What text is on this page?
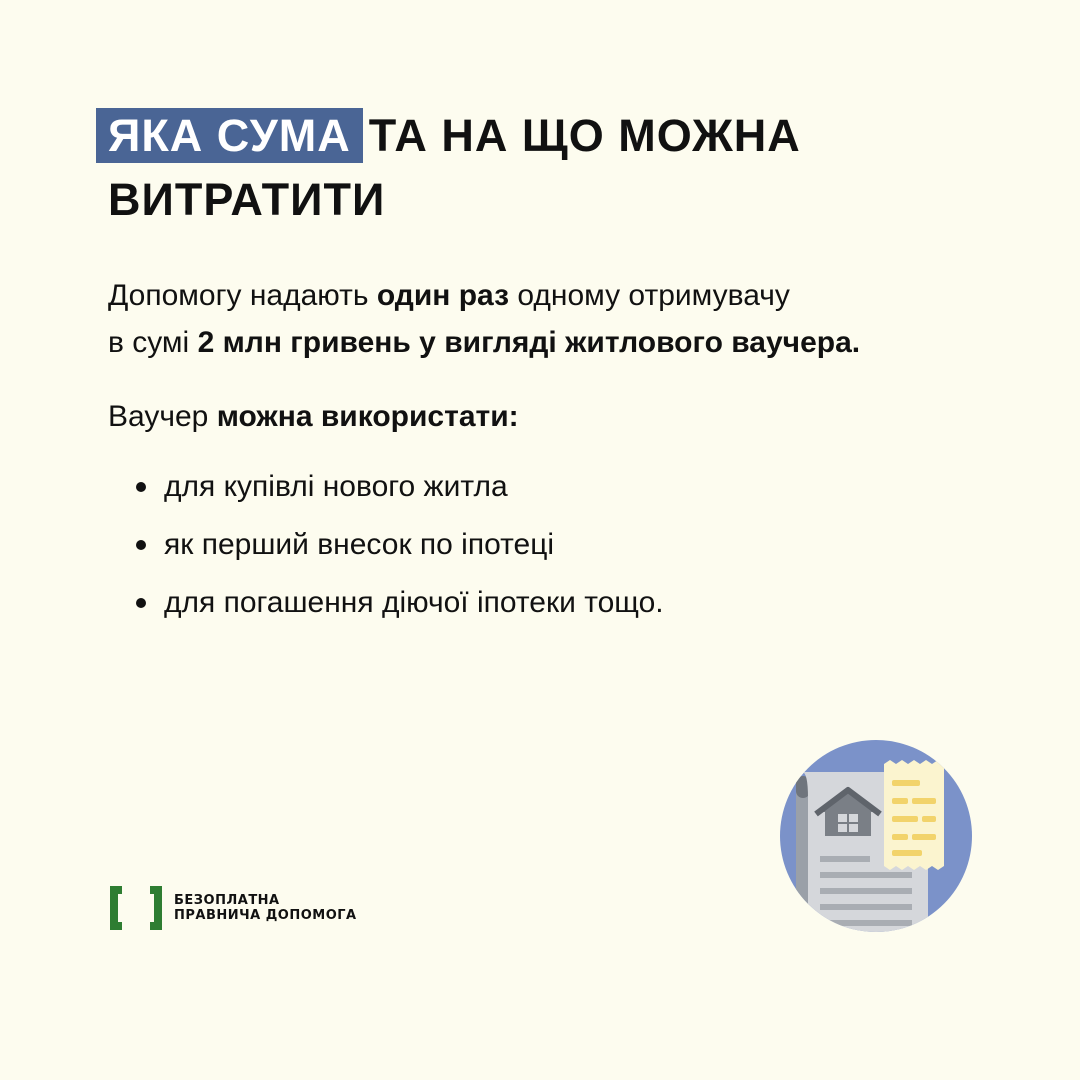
ЯКА СУМА ТА НА ЩО МОЖНА
ВИТРАТИТИ

Допомогу надають один раз одному отримувачу
в сумі 2 млн гривень у вигляді житлового ваучера.

Ваучер можна використати:

для купівлі нового житла
як перший внесок по іпотеці
для погашення діючої іпотеки тощо.
БЕЗОПЛАТНА
ПРАВНИЧА ДОПОМОГА
